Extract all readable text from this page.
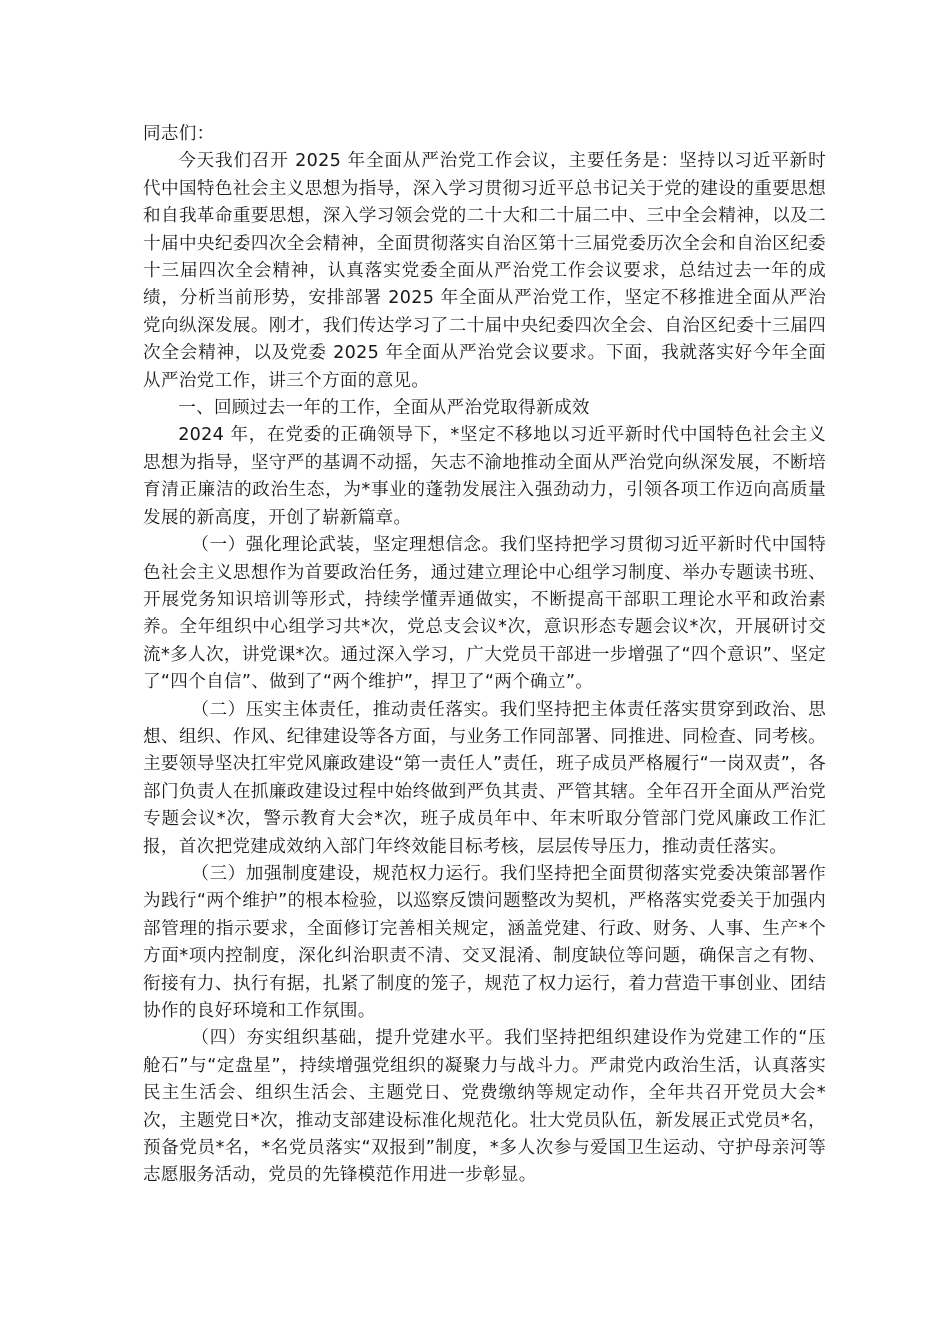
同志们：

今天我们召开 2025 年全面从严治党工作会议，主要任务是：坚持以习近平新时代中国特色社会主义思想为指导，深入学习贯彻习近平总书记关于党的建设的重要思想和自我革命重要思想，深入学习领会党的二十大和二十届二中、三中全会精神，以及二十届中央纪委四次全会精神，全面贯彻落实自治区第十三届党委历次全会和自治区纪委十三届四次全会精神，认真落实党委全面从严治党工作会议要求，总结过去一年的成绩，分析当前形势，安排部署 2025 年全面从严治党工作，坚定不移推进全面从严治党向纵深发展。刚才，我们传达学习了二十届中央纪委四次全会、自治区纪委十三届四次全会精神，以及党委 2025 年全面从严治党会议要求。下面，我就落实好今年全面从严治党工作，讲三个方面的意见。

一、回顾过去一年的工作，全面从严治党取得新成效

2024 年，在党委的正确领导下，*坚定不移地以习近平新时代中国特色社会主义思想为指导，坚守严的基调不动摇，矢志不渝地推动全面从严治党向纵深发展，不断培育清正廉洁的政治生态，为*事业的蓬勃发展注入强劲动力，引领各项工作迈向高质量发展的新高度，开创了崭新篇章。

（一）强化理论武装，坚定理想信念。我们坚持把学习贯彻习近平新时代中国特色社会主义思想作为首要政治任务，通过建立理论中心组学习制度、举办专题读书班、开展党务知识培训等形式，持续学懂弄通做实，不断提高干部职工理论水平和政治素养。全年组织中心组学习共*次，党总支会议*次，意识形态专题会议*次，开展研讨交流*多人次，讲党课*次。通过深入学习，广大党员干部进一步增强了“四个意识”、坚定了“四个自信”、做到了“两个维护”，捍卫了“两个确立”。

（二）压实主体责任，推动责任落实。我们坚持把主体责任落实贯穿到政治、思想、组织、作风、纪律建设等各方面，与业务工作同部署、同推进、同检查、同考核。主要领导坚决扛牢党风廉政建设“第一责任人”责任，班子成员严格履行“一岗双责”，各部门负责人在抓廉政建设过程中始终做到严负其责、严管其辖。全年召开全面从严治党专题会议*次，警示教育大会*次，班子成员年中、年末听取分管部门党风廉政工作汇报，首次把党建成效纳入部门年终效能目标考核，层层传导压力，推动责任落实。

（三）加强制度建设，规范权力运行。我们坚持把全面贯彻落实党委决策部署作为践行“两个维护”的根本检验，以巡察反馈问题整改为契机，严格落实党委关于加强内部管理的指示要求，全面修订完善相关规定，涵盖党建、行政、财务、人事、生产*个方面*项内控制度，深化纠治职责不清、交叉混淆、制度缺位等问题，确保言之有物、衔接有力、执行有据，扎紧了制度的笼子，规范了权力运行，着力营造干事创业、团结协作的良好环境和工作氛围。

（四）夯实组织基础，提升党建水平。我们坚持把组织建设作为党建工作的“压舱石”与“定盘星”，持续增强党组织的凝聚力与战斗力。严肃党内政治生活，认真落实民主生活会、组织生活会、主题党日、党费缴纳等规定动作，全年共召开党员大会*次，主题党日*次，推动支部建设标准化规范化。壮大党员队伍，新发展正式党员*名，预备党员*名，*名党员落实“双报到”制度，*多人次参与爱国卫生运动、守护母亲河等志愿服务活动，党员的先锋模范作用进一步彰显。
